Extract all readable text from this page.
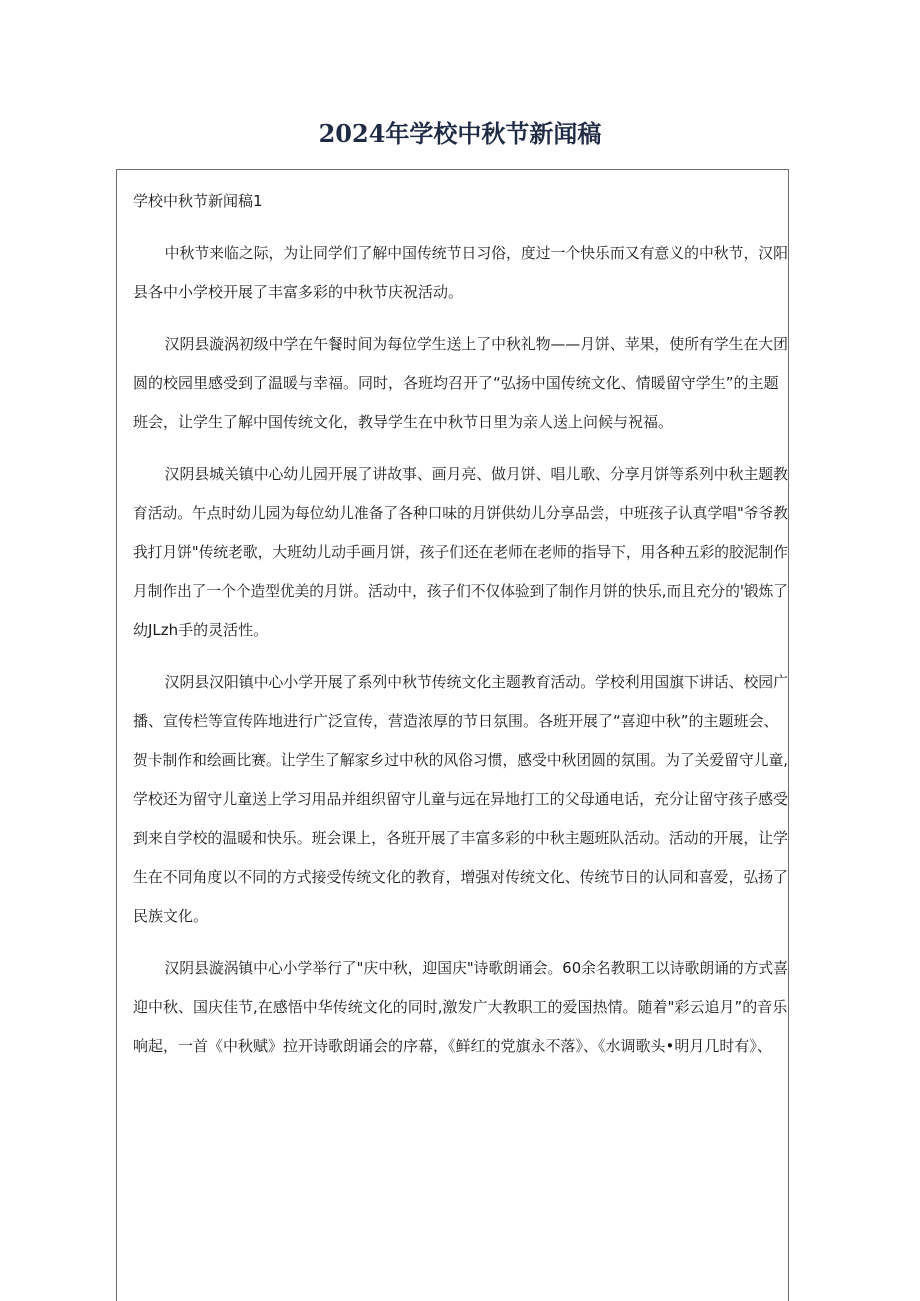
2024年学校中秋节新闻稿
学校中秋节新闻稿1
中秋节来临之际，为让同学们了解中国传统节日习俗，度过一个快乐而又有意义的中秋节，汉阳
县各中小学校开展了丰富多彩的中秋节庆祝活动。
汉阴县漩涡初级中学在午餐时间为每位学生送上了中秋礼物——月饼、苹果，使所有学生在大团
圆的校园里感受到了温暖与幸福。同时，各班均召开了“弘扬中国传统文化、情暖留守学生”的主题
班会，让学生了解中国传统文化，教导学生在中秋节日里为亲人送上问候与祝福。
汉阴县城关镇中心幼儿园开展了讲故事、画月亮、做月饼、唱儿歌、分享月饼等系列中秋主题教
育活动。午点时幼儿园为每位幼儿准备了各种口味的月饼供幼儿分享品尝，中班孩子认真学唱"爷爷教
我打月饼"传统老歌，大班幼儿动手画月饼，孩子们还在老师在老师的指导下，用各种五彩的胶泥制作
月制作出了一个个造型优美的月饼。活动中，孩子们不仅体验到了制作月饼的快乐,而且充分的'锻炼了
幼JLzh手的灵活性。
汉阴县汉阳镇中心小学开展了系列中秋节传统文化主题教育活动。学校利用国旗下讲话、校园广
播、宣传栏等宣传阵地进行广泛宣传，营造浓厚的节日氛围。各班开展了“喜迎中秋”的主题班会、
贺卡制作和绘画比赛。让学生了解家乡过中秋的风俗习惯，感受中秋团圆的氛围。为了关爱留守儿童,
学校还为留守儿童送上学习用品并组织留守儿童与远在异地打工的父母通电话，充分让留守孩子感受
到来自学校的温暖和快乐。班会课上，各班开展了丰富多彩的中秋主题班队活动。活动的开展，让学
生在不同角度以不同的方式接受传统文化的教育，增强对传统文化、传统节日的认同和喜爱，弘扬了
民族文化。
汉阴县漩涡镇中心小学举行了"庆中秋，迎国庆"诗歌朗诵会。60余名教职工以诗歌朗诵的方式喜
迎中秋、国庆佳节,在感悟中华传统文化的同时,激发广大教职工的爱国热情。随着"彩云追月”的音乐
响起，一首《中秋赋》拉开诗歌朗诵会的序幕，《鲜红的党旗永不落》、《水调歌头•明月几时有》、
